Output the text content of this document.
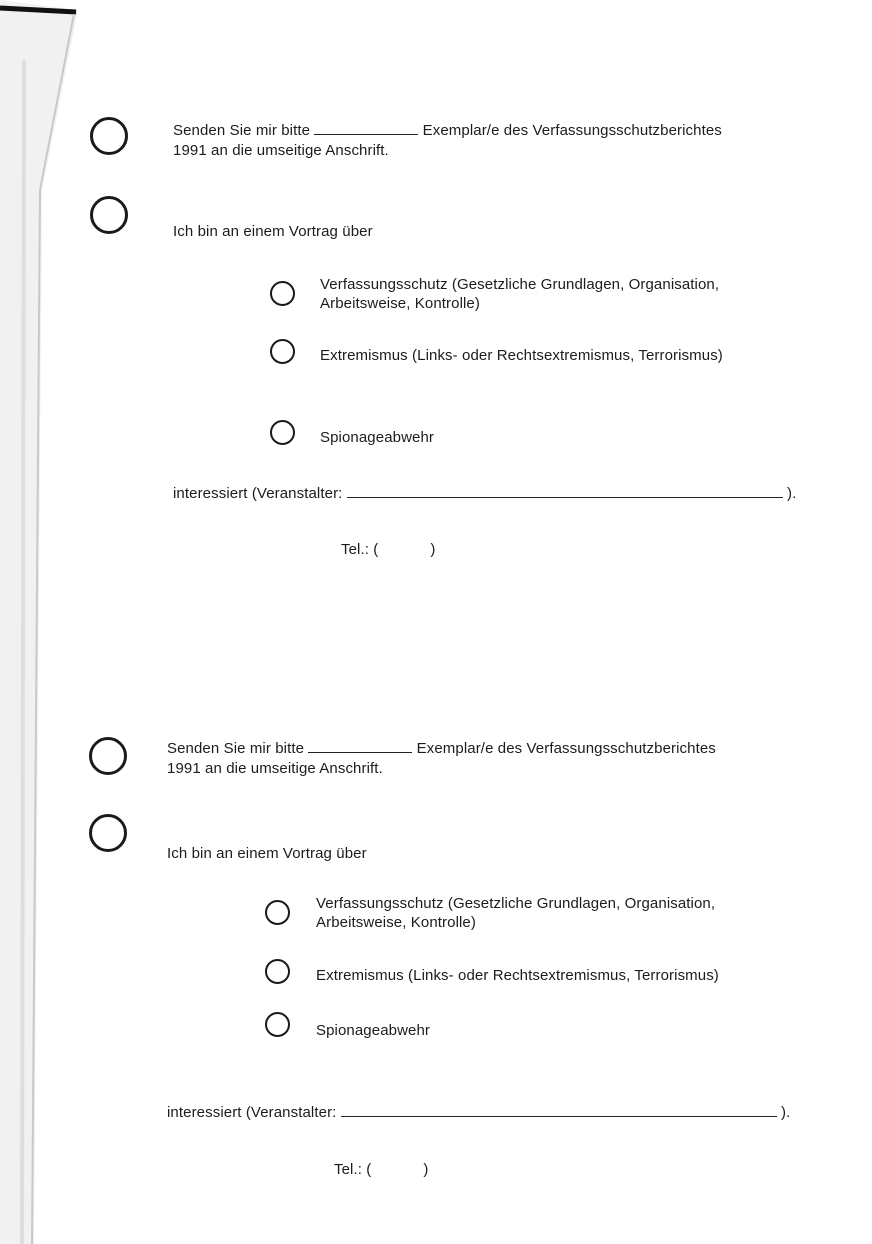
Senden Sie mir bitte	Exemplar/e des Verfassungsschutzberichtes
1991 an die umseitige Anschrift.
Ich bin an einem Vortrag über
Verfassungsschutz (Gesetzliche Grundlagen, Organisation,
Arbeitsweise, Kontrolle)
Extremismus (Links- oder Rechtsextremismus, Terrorismus)
Spionageabwehr
interessiert (Veranstalter:	).
Tel.: (	)
Senden Sie mir bitte	Exemplar/e des Verfassungsschutzberichtes
1991 an die umseitige Anschrift.
Ich bin an einem Vortrag über
Verfassungsschutz (Gesetzliche Grundlagen, Organisation,
Arbeitsweise, Kontrolle)
Extremismus (Links- oder Rechtsextremismus, Terrorismus)
Spionageabwehr
interessiert (Veranstalter:	).
Tel.: (	)
